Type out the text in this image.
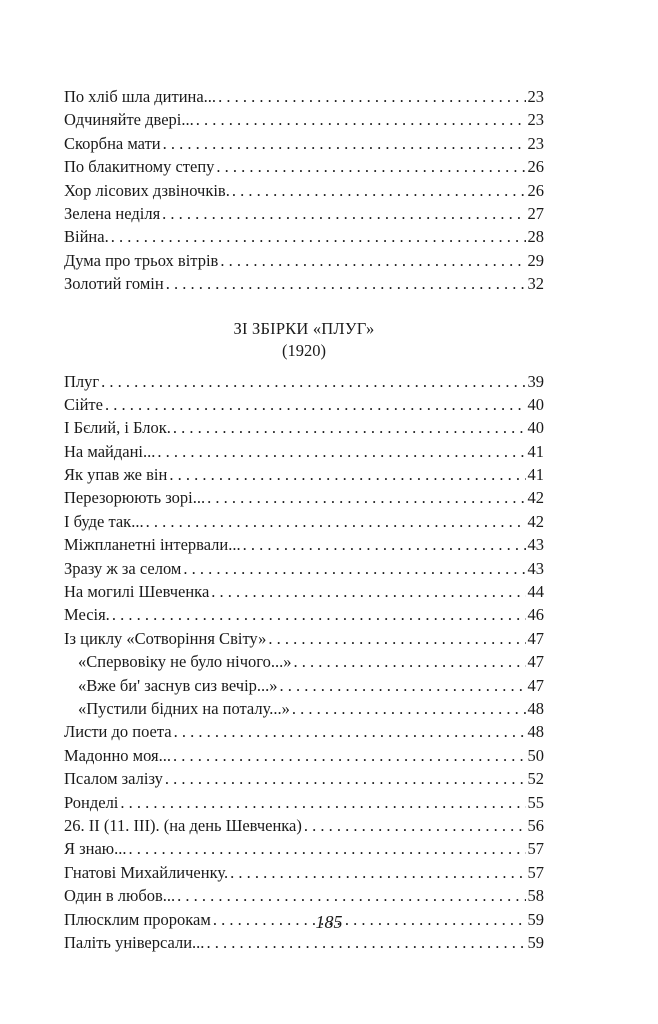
По хліб шла дитина... . . .	23
Одчиняйте двері... . . .	23
Скорбна мати . . .	23
По блакитному степу . . .	26
Хор лісових дзвіночків. . . .	26
Зелена неділя . . .	27
Війна. . . .	28
Дума про трьох вітрів . . .	29
Золотий гомін . . .	32
ЗІ ЗБІРКИ «ПЛУГ»
(1920)
Плуг . . .	39
Сійте . . .	40
І Бєлий, і Блок. . . .	40
На майдані... . . .	41
Як упав же він . . .	41
Перезорюють зорі... . . .	42
І буде так... . . .	42
Міжпланетні інтервали... . . .	43
Зразу ж за селом . . .	43
На могилі Шевченка . . .	44
Месія. . . .	46
Із циклу «Сотворіння Світу» . . .	47
«Спервовіку не було нічого...» . . .	47
«Вже би' заснув сиз вечір...» . . .	47
«Пустили бідних на поталу...» . . .	48
Листи до поета . . .	48
Мадонно моя... . . .	50
Псалом залізу . . .	52
Ронделі . . .	55
26. II (11. III). (на день Шевченка) . . .	56
Я знаю... . . .	57
Гнатові Михайличенку. . . .	57
Один в любов... . . .	58
Плюсклим пророкам . . .	59
Паліть універсали... . . .	59
185
